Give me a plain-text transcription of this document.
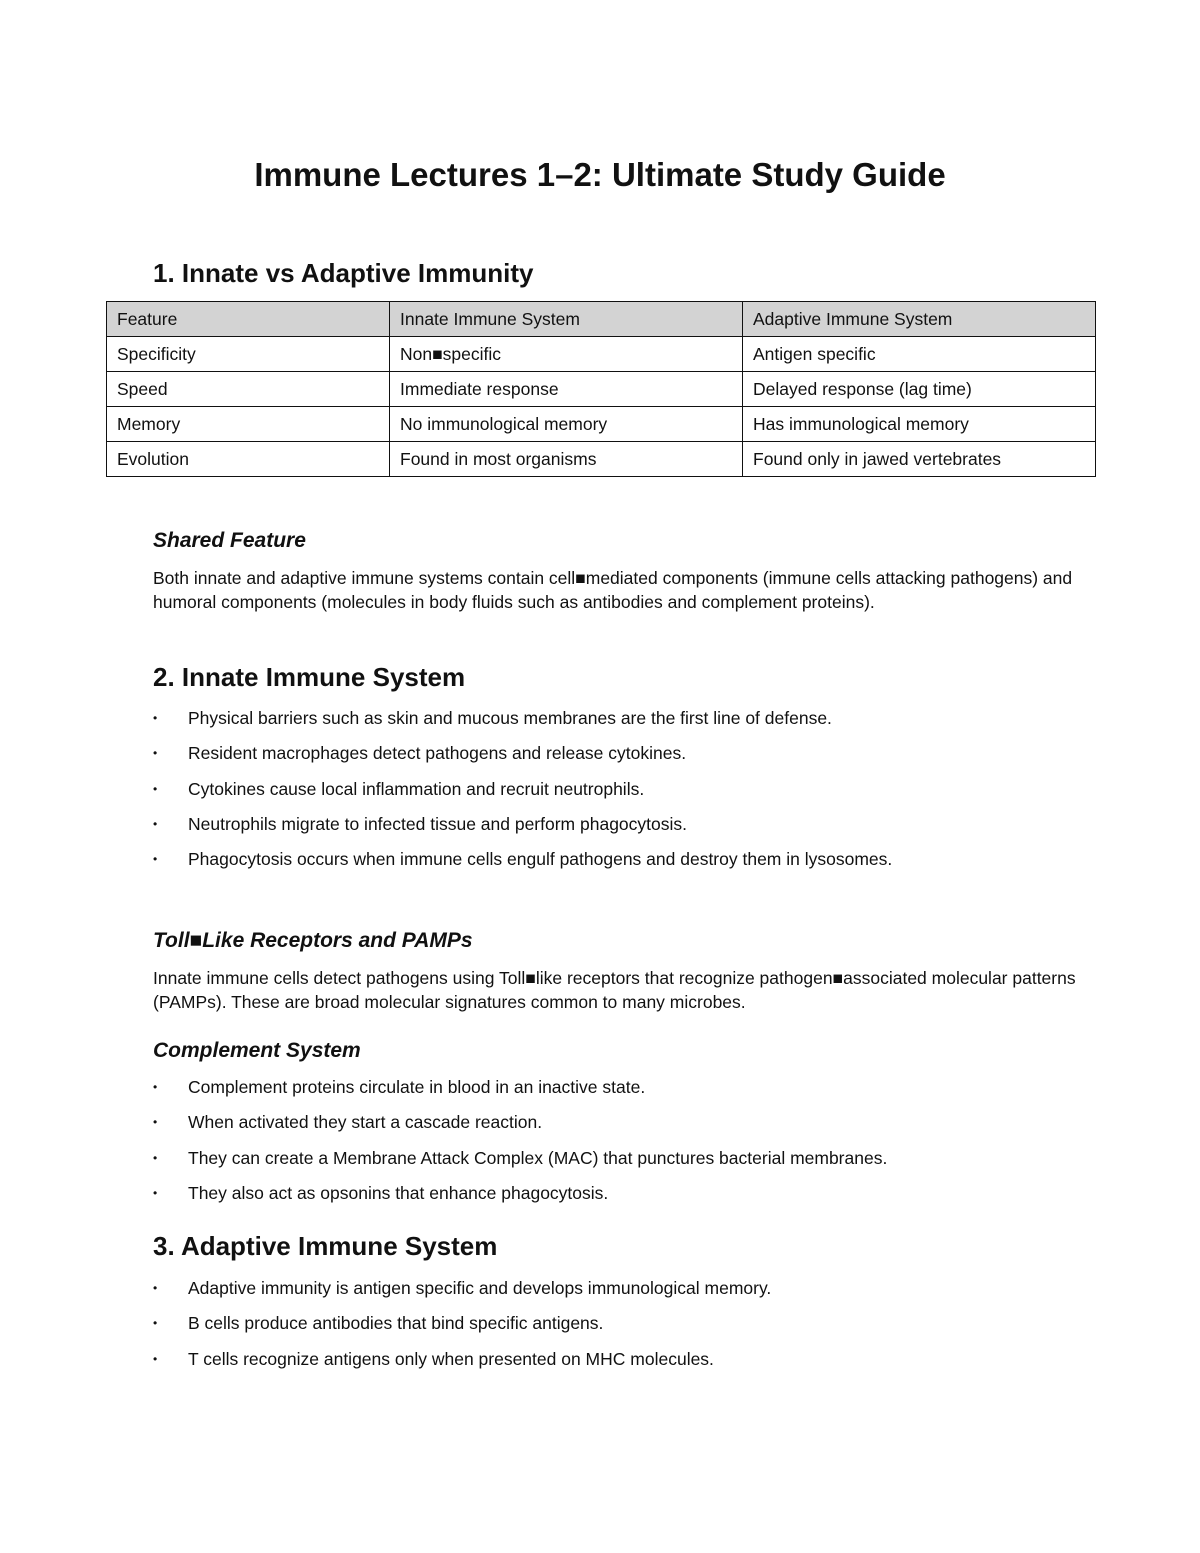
Immune Lectures 1–2: Ultimate Study Guide
1. Innate vs Adaptive Immunity
Feature	Innate Immune System	Adaptive Immune System
Specificity	Non■specific	Antigen specific
Speed	Immediate response	Delayed response (lag time)
Memory	No immunological memory	Has immunological memory
Evolution	Found in most organisms	Found only in jawed vertebrates
Shared Feature

Both innate and adaptive immune systems contain cell■mediated components (immune cells attacking pathogens) and humoral components (molecules in body fluids such as antibodies and complement proteins).

2. Innate Immune System
• Physical barriers such as skin and mucous membranes are the first line of defense.
• Resident macrophages detect pathogens and release cytokines.
• Cytokines cause local inflammation and recruit neutrophils.
• Neutrophils migrate to infected tissue and perform phagocytosis.
• Phagocytosis occurs when immune cells engulf pathogens and destroy them in lysosomes.
Toll■Like Receptors and PAMPs

Innate immune cells detect pathogens using Toll■like receptors that recognize pathogen■associated molecular patterns (PAMPs). These are broad molecular signatures common to many microbes.

Complement System
• Complement proteins circulate in blood in an inactive state.
• When activated they start a cascade reaction.
• They can create a Membrane Attack Complex (MAC) that punctures bacterial membranes.
• They also act as opsonins that enhance phagocytosis.
3. Adaptive Immune System
• Adaptive immunity is antigen specific and develops immunological memory.
• B cells produce antibodies that bind specific antigens.
• T cells recognize antigens only when presented on MHC molecules.
